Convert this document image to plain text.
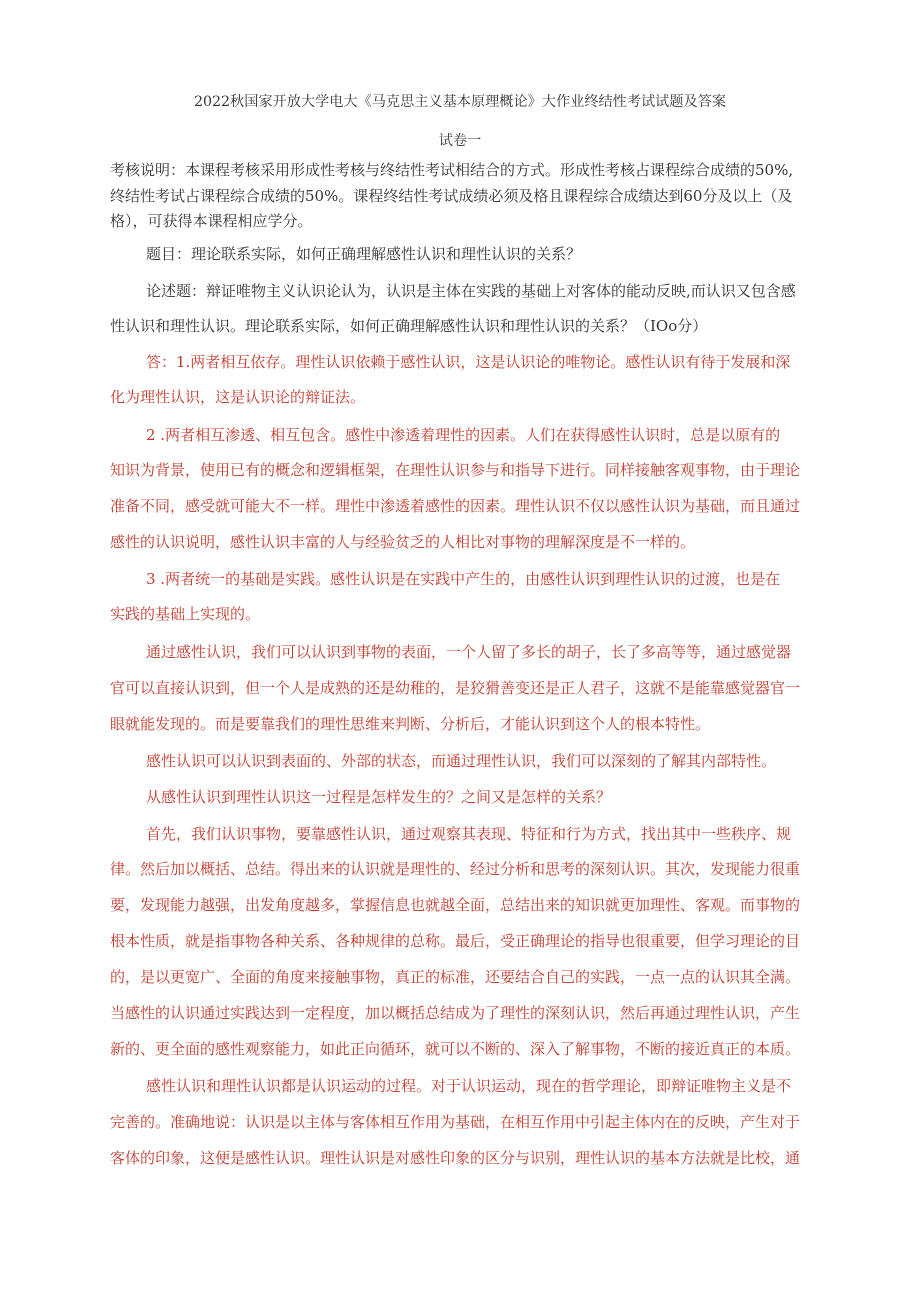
2022秋国家开放大学电大《马克思主义基本原理概论》大作业终结性考试试题及答案
试卷一
考核说明：本课程考核采用形成性考核与终结性考试相结合的方式。形成性考核占课程综合成绩的50%,
终结性考试占课程综合成绩的50%。课程终结性考试成绩必须及格且课程综合成绩达到60分及以上（及
格），可获得本课程相应学分。
题目：理论联系实际，如何正确理解感性认识和理性认识的关系？
论述题：辩证唯物主义认识论认为，认识是主体在实践的基础上对客体的能动反映,而认识又包含感
性认识和理性认识。理论联系实际，如何正确理解感性认识和理性认识的关系？（IOo分）
答：1.两者相互依存。理性认识依赖于感性认识，这是认识论的唯物论。感性认识有待于发展和深
化为理性认识，这是认识论的辩证法。
2 .两者相互渗透、相互包含。感性中渗透着理性的因素。人们在获得感性认识时，总是以原有的
知识为背景，使用已有的概念和逻辑框架，在理性认识参与和指导下进行。同样接触客观事物，由于理论
准备不同，感受就可能大不一样。理性中渗透着感性的因素。理性认识不仅以感性认识为基础，而且通过
感性的认识说明，感性认识丰富的人与经验贫乏的人相比对事物的理解深度是不一样的。
3 .两者统一的基础是实践。感性认识是在实践中产生的，由感性认识到理性认识的过渡，也是在
实践的基础上实现的。
通过感性认识，我们可以认识到事物的表面，一个人留了多长的胡子，长了多高等等，通过感觉器
官可以直接认识到，但一个人是成熟的还是幼稚的，是狡猾善变还是正人君子，这就不是能靠感觉器官一
眼就能发现的。而是要靠我们的理性思维来判断、分析后，才能认识到这个人的根本特性。
感性认识可以认识到表面的、外部的状态，而通过理性认识，我们可以深刻的了解其内部特性。
从感性认识到理性认识这一过程是怎样发生的？之间又是怎样的关系？
首先，我们认识事物，要靠感性认识，通过观察其表现、特征和行为方式，找出其中一些秩序、规
律。然后加以概括、总结。得出来的认识就是理性的、经过分析和思考的深刻认识。其次，发现能力很重
要，发现能力越强，出发角度越多，掌握信息也就越全面，总结出来的知识就更加理性、客观。而事物的
根本性质，就是指事物各种关系、各种规律的总称。最后，受正确理论的指导也很重要，但学习理论的目
的，是以更宽广、全面的角度来接触事物，真正的标准，还要结合自己的实践，一点一点的认识其全满。
当感性的认识通过实践达到一定程度，加以概括总结成为了理性的深刻认识，然后再通过理性认识，产生
新的、更全面的感性观察能力，如此正向循环，就可以不断的、深入了解事物，不断的接近真正的本质。
感性认识和理性认识都是认识运动的过程。对于认识运动，现在的哲学理论，即辩证唯物主义是不
完善的。准确地说：认识是以主体与客体相互作用为基础，在相互作用中引起主体内在的反映，产生对于
客体的印象，这便是感性认识。理性认识是对感性印象的区分与识别，理性认识的基本方法就是比校，通
